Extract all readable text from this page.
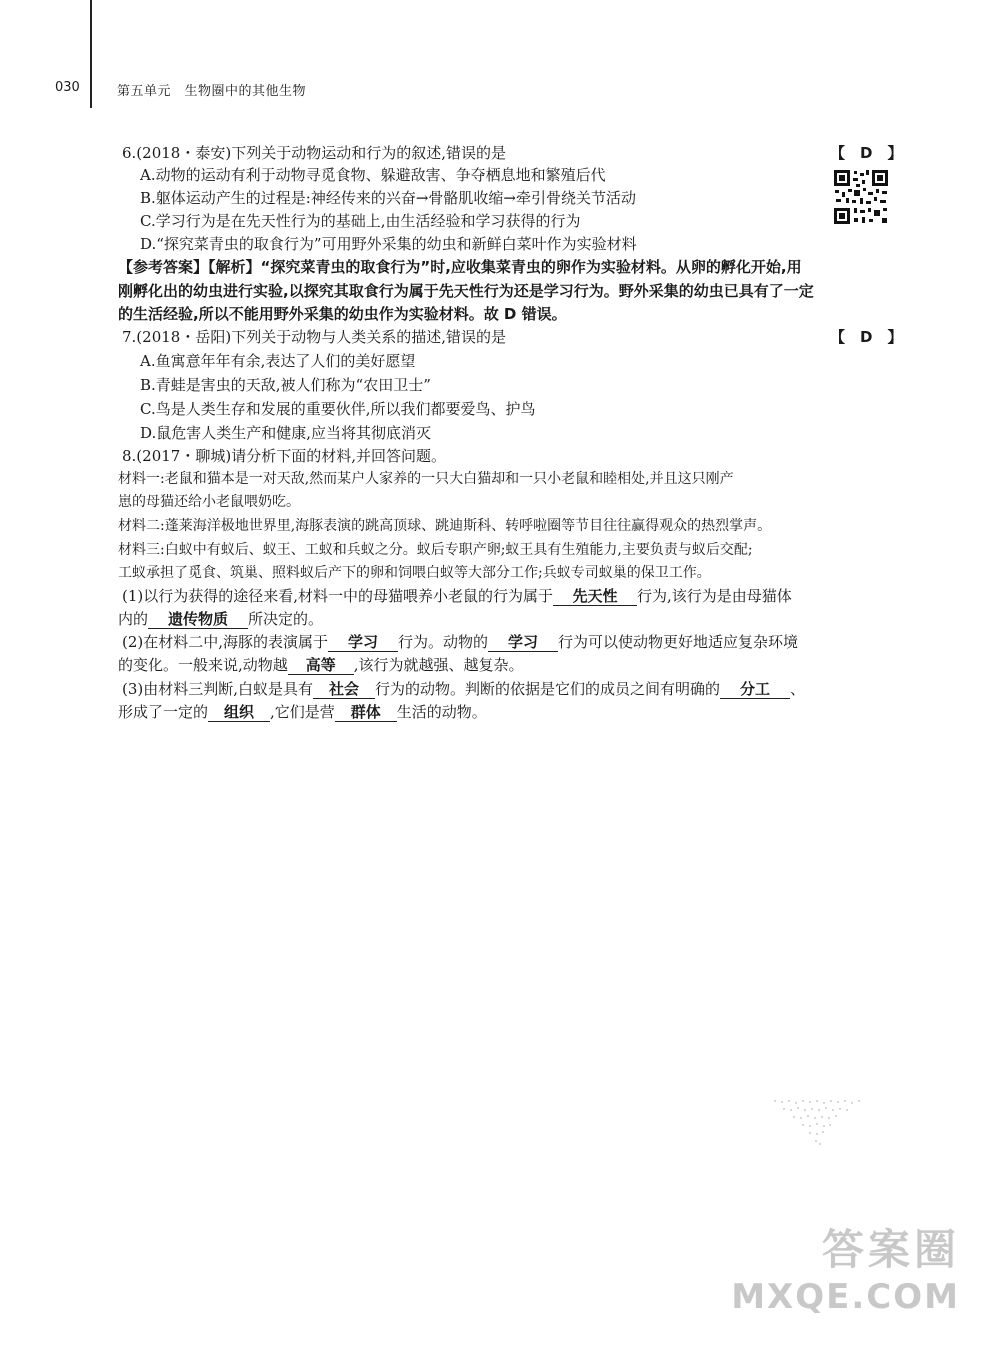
030	第五单元　生物圈中的其他生物
6.(2018・泰安)下列关于动物运动和行为的叙述,错误的是	【　D　】
A.动物的运动有利于动物寻觅食物、躲避敌害、争夺栖息地和繁殖后代
B.躯体运动产生的过程是:神经传来的兴奋→骨骼肌收缩→牵引骨绕关节活动
C.学习行为是在先天性行为的基础上,由生活经验和学习获得的行为
D.“探究菜青虫的取食行为”可用野外采集的幼虫和新鲜白菜叶作为实验材料
【参考答案】【解析】“探究菜青虫的取食行为”时,应收集菜青虫的卵作为实验材料。从卵的孵化开始,用
刚孵化出的幼虫进行实验,以探究其取食行为属于先天性行为还是学习行为。野外采集的幼虫已具有了一定
的生活经验,所以不能用野外采集的幼虫作为实验材料。故 D 错误。
7.(2018・岳阳)下列关于动物与人类关系的描述,错误的是	【　D　】
A.鱼寓意年年有余,表达了人们的美好愿望
B.青蛙是害虫的天敌,被人们称为“农田卫士”
C.鸟是人类生存和发展的重要伙伴,所以我们都要爱鸟、护鸟
D.鼠危害人类生产和健康,应当将其彻底消灭
8.(2017・聊城)请分析下面的材料,并回答问题。
材料一:老鼠和猫本是一对天敌,然而某户人家养的一只大白猫却和一只小老鼠和睦相处,并且这只刚产
崽的母猫还给小老鼠喂奶吃。
材料二:蓬莱海洋极地世界里,海豚表演的跳高顶球、跳迪斯科、转呼啦圈等节目往往赢得观众的热烈掌声。
材料三:白蚁中有蚁后、蚁王、工蚁和兵蚁之分。蚁后专职产卵;蚁王具有生殖能力,主要负责与蚁后交配;
工蚁承担了觅食、筑巢、照料蚁后产下的卵和饲喂白蚁等大部分工作;兵蚁专司蚁巢的保卫工作。
(1)以行为获得的途径来看,材料一中的母猫喂养小老鼠的行为属于 先天性 行为,该行为是由母猫体
内的 遗传物质 所决定的。
(2)在材料二中,海豚的表演属于 学习 行为。动物的 学习 行为可以使动物更好地适应复杂环境
的变化。一般来说,动物越 高等 ,该行为就越强、越复杂。
(3)由材料三判断,白蚁是具有 社会 行为的动物。判断的依据是它们的成员之间有明确的 分工 、
形成了一定的 组织 ,它们是营 群体 生活的动物。
答案圈
MXQE.COM
